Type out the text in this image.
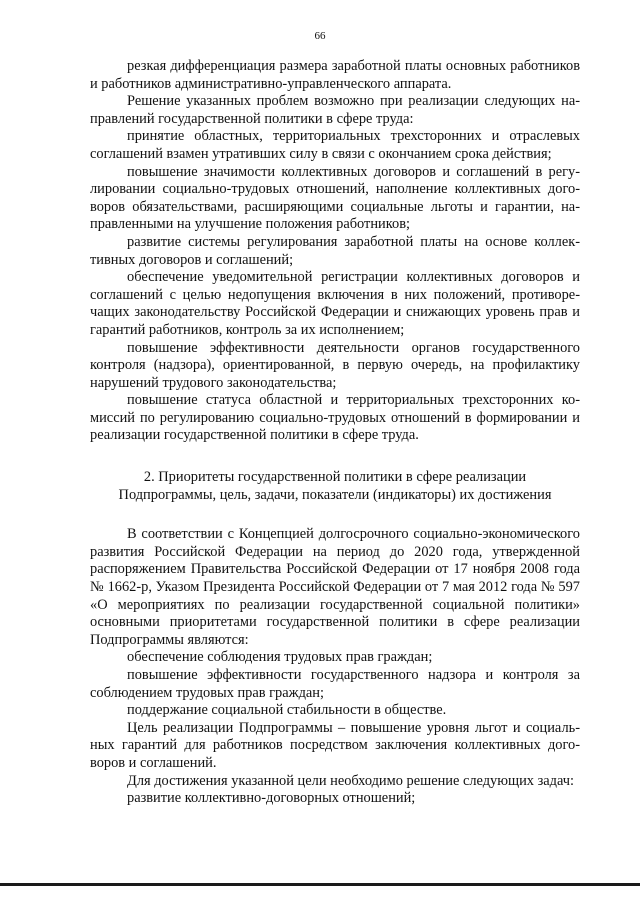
66

резкая дифференциация размера заработной платы основных работников и работников административно-управленческого аппарата.

Решение указанных проблем возможно при реализации следующих направлений государственной политики в сфере труда:

принятие областных, территориальных трехсторонних и отраслевых соглашений взамен утративших силу в связи с окончанием срока действия;

повышение значимости коллективных договоров и соглашений в регулировании социально-трудовых отношений, наполнение коллективных договоров обязательствами, расширяющими социальные льготы и гарантии, направленными на улучшение положения работников;

развитие системы регулирования заработной платы на основе коллективных договоров и соглашений;

обеспечение уведомительной регистрации коллективных договоров и соглашений с целью недопущения включения в них положений, противоречащих законодательству Российской Федерации и снижающих уровень прав и гарантий работников, контроль за их исполнением;

повышение эффективности деятельности органов государственного контроля (надзора), ориентированной, в первую очередь, на профилактику нарушений трудового законодательства;

повышение статуса областной и территориальных трехсторонних комиссий по регулированию социально-трудовых отношений в формировании и реализации государственной политики в сфере труда.

2. Приоритеты государственной политики в сфере реализации
Подпрограммы, цель, задачи, показатели (индикаторы) их достижения

В соответствии с Концепцией долгосрочного социально-экономического развития Российской Федерации на период до 2020 года, утвержденной распоряжением Правительства Российской Федерации от 17 ноября 2008 года № 1662-р, Указом Президента Российской Федерации от 7 мая 2012 года № 597 «О мероприятиях по реализации государственной социальной политики» основными приоритетами государственной политики в сфере реализации Подпрограммы являются:

обеспечение соблюдения трудовых прав граждан;

повышение эффективности государственного надзора и контроля за соблюдением трудовых прав граждан;

поддержание социальной стабильности в обществе.

Цель реализации Подпрограммы – повышение уровня льгот и социальных гарантий для работников посредством заключения коллективных договоров и соглашений.

Для достижения указанной цели необходимо решение следующих задач:

развитие коллективно-договорных отношений;
